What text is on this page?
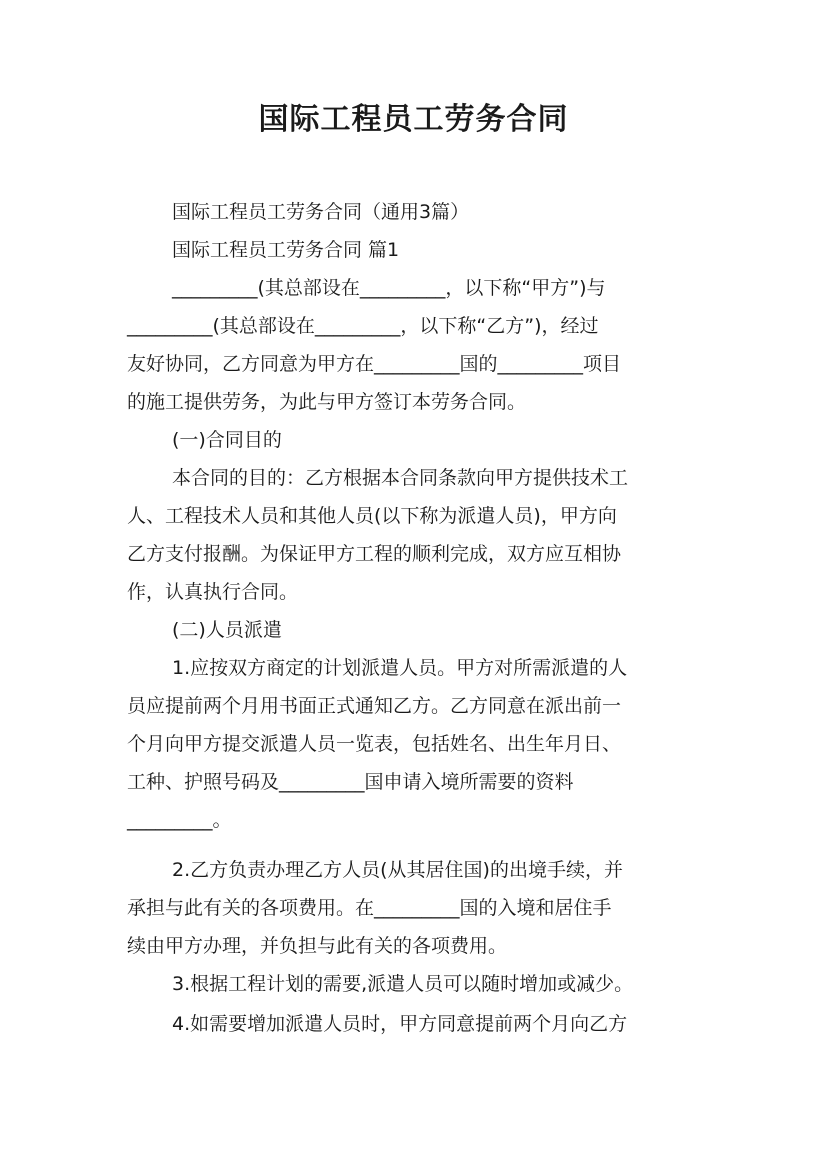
国际工程员工劳务合同
国际工程员工劳务合同（通用3篇）
国际工程员工劳务合同 篇1
_________(其总部设在_________，以下称“甲方”)与
_________(其总部设在_________，以下称“乙方”)，经过
友好协同，乙方同意为甲方在_________国的_________项目
的施工提供劳务，为此与甲方签订本劳务合同。
(一)合同目的
本合同的目的：乙方根据本合同条款向甲方提供技术工
人、工程技术人员和其他人员(以下称为派遣人员)，甲方向
乙方支付报酬。为保证甲方工程的顺利完成，双方应互相协
作，认真执行合同。
(二)人员派遣
1.应按双方商定的计划派遣人员。甲方对所需派遣的人
员应提前两个月用书面正式通知乙方。乙方同意在派出前一
个月向甲方提交派遣人员一览表，包括姓名、出生年月日、
工种、护照号码及_________国申请入境所需要的资料
_________。
2.乙方负责办理乙方人员(从其居住国)的出境手续，并
承担与此有关的各项费用。在_________国的入境和居住手
续由甲方办理，并负担与此有关的各项费用。
3.根据工程计划的需要,派遣人员可以随时增加或减少。
4.如需要增加派遣人员时，甲方同意提前两个月向乙方
